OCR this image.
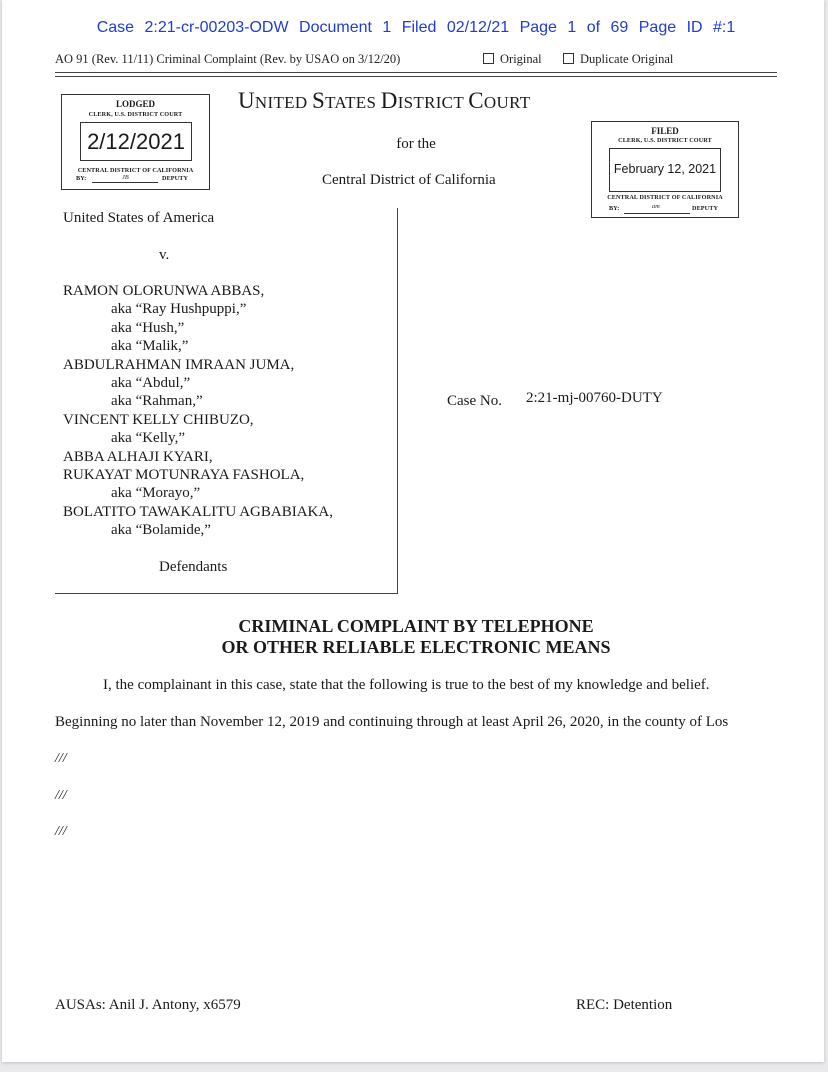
Case 2:21-cr-00203-ODW Document 1 Filed 02/12/21 Page 1 of 69 Page ID #:1
AO 91 (Rev. 11/11) Criminal Complaint (Rev. by USAO on 3/12/20)	Original	Duplicate Original
LODGED
CLERK, U.S. DISTRICT COURT
2/12/2021
CENTRAL DISTRICT OF CALIFORNIA
BY:	JB	DEPUTY
UNITED STATES DISTRICT COURT
for the
Central District of California
FILED
CLERK, U.S. DISTRICT COURT
February 12, 2021
CENTRAL DISTRICT OF CALIFORNIA
BY:	am	DEPUTY
United States of America
v.
RAMON OLORUNWA ABBAS,
aka “Ray Hushpuppi,”
aka “Hush,”
aka “Malik,”
ABDULRAHMAN IMRAAN JUMA,
aka “Abdul,”
aka “Rahman,”
VINCENT KELLY CHIBUZO,
aka “Kelly,”
ABBA ALHAJI KYARI,
RUKAYAT MOTUNRAYA FASHOLA,
aka “Morayo,”
BOLATITO TAWAKALITU AGBABIAKA,
aka “Bolamide,”
Defendants
Case No. 2:21-mj-00760-DUTY
CRIMINAL COMPLAINT BY TELEPHONE
OR OTHER RELIABLE ELECTRONIC MEANS
I, the complainant in this case, state that the following is true to the best of my knowledge and belief.
Beginning no later than November 12, 2019 and continuing through at least April 26, 2020, in the county of Los
///
///
///
AUSAs: Anil J. Antony, x6579	REC: Detention
